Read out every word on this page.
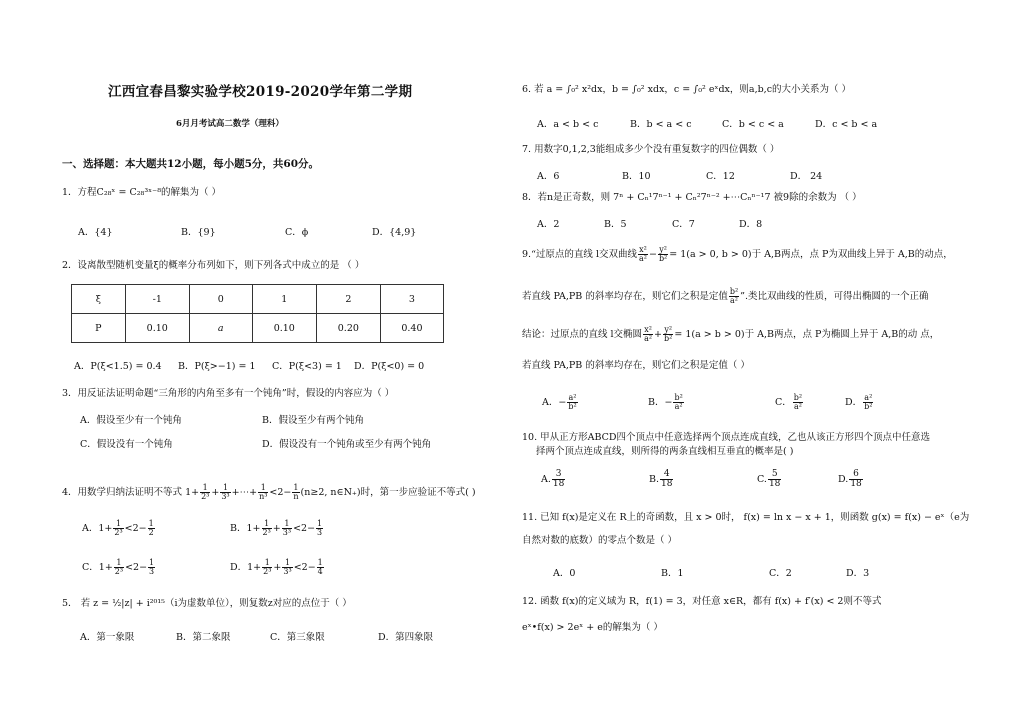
江西宜春昌黎实验学校2019-2020学年第二学期
6月月考试高二数学（理科）
一、选择题：本大题共12小题，每小题5分，共60分。
1．方程C₂₈ˣ = C₂₈³ˣ⁻⁸的解集为（ ）
A．{4}	B．{9}	C．ϕ	D．{4,9}
2．设离散型随机变量ξ的概率分布列如下，则下列各式中成立的是 （ ）
ξ	-1	0	1	2	3
P	0.10	a	0.10	0.20	0.40
A．P(ξ<1.5) = 0.4 B．P(ξ>−1) = 1 C．P(ξ<3) = 1 D．P(ξ<0) = 0
3．用反证法证明命题“三角形的内角至多有一个钝角”时，假设的内容应为（ ）
A．假设至少有一个钝角	B．假设至少有两个钝角
C．假设没有一个钝角	D．假设没有一个钝角或至少有两个钝角
4．用数学归纳法证明不等式 $1+ \frac{1}{\text{2³}} + \frac{1}{\text{3³}}$ +⋯+ $\frac{1}{\text{n³}} <2- \frac{1}{n} (n\ge 2$, n∈N₊)时，第一步应验证不等式( )
A．$1+ \frac{1}{\text{2³}} <2- \frac{1}{2}$	B．$1+ \frac{1}{\text{2³}} + \frac{1}{\text{3³}} <2- \frac{1}{3}$
C．$1+ \frac{1}{\text{2³}} <2- \frac{1}{3}$	D．$1+ \frac{1}{\text{2³}} + \frac{1}{\text{3³}} <2- \frac{1}{4}$
5． 若 z = ½|z| + i²⁰¹⁵（i为虚数单位），则复数z对应的点位于（ ）
A．第一象限	B．第二象限	C．第三象限	D．第四象限
6. 若 a = ∫₀² x²dx，b = ∫₀² xdx，c = ∫₀² eˣdx，则a,b,c的大小关系为（ ）
A．a < b < c	B．b < a < c	C．b < c < a	D．c < b < a
7. 用数字0,1,2,3能组成多少个没有重复数字的四位偶数（ ）
A．6	B．10	C．12	D． 24
8．若n是正奇数，则 7ⁿ + Cₙ¹7ⁿ⁻¹ + Cₙ²7ⁿ⁻² +⋯Cₙⁿ⁻¹7 被9除的余数为 （ ）
A．2	B．5	C．7	D．8
9.“过原点的直线 l交双曲线 $\frac{\text{x²}}{\text{a²}} - \frac{\text{y²}}{\text{b²}} = 1(a > 0$, b > 0)于 A,B两点，点 P为双曲线上异于 A,B的动点，
若直线 PA,PB 的斜率均存在，则它们之积是定值 $\frac{\text{b²}}{\text{a²}}$ ”.类比双曲线的性质，可得出椭圆的一个正确
结论：过原点的直线 l交椭圆 $\frac{\text{x²}}{\text{a²}} + \frac{\text{y²}}{\text{b²}} = 1(a > b > 0)$于 A,B两点，点 P为椭圆上异于 A,B的动 点，
若直线 PA,PB 的斜率均存在，则它们之积是定值（ ）
A．− $\frac{\text{a²}}{\text{b²}}$	B．− $\frac{\text{b²}}{\text{a²}}$	C． $\frac{\text{b²}}{\text{a²}}$	D． $\frac{\text{a²}}{\text{b²}}$
10. 甲从正方形ABCD四个顶点中任意选择两个顶点连成直线，乙也从该正方形四个顶点中任意选
择两个顶点连成直线，则所得的两条直线相互垂直的概率是( )
A. $\frac{3}{18}$	B. $\frac{4}{18}$	C. $\frac{5}{18}$	D. $\frac{6}{18}$
11. 已知 f(x)是定义在 R上的奇函数，且 x > 0时， f(x) = ln x − x + 1，则函数 g(x) = f(x) − eˣ（e为
自然对数的底数）的零点个数是（ ）
A．0	B．1	C．2	D．3
12. 函数 f(x)的定义域为 R，f(1) = 3，对任意 x∈R，都有 f(x) + f′(x) < 2则不等式
eˣ•f(x) > 2eˣ + e的解集为（ ）
